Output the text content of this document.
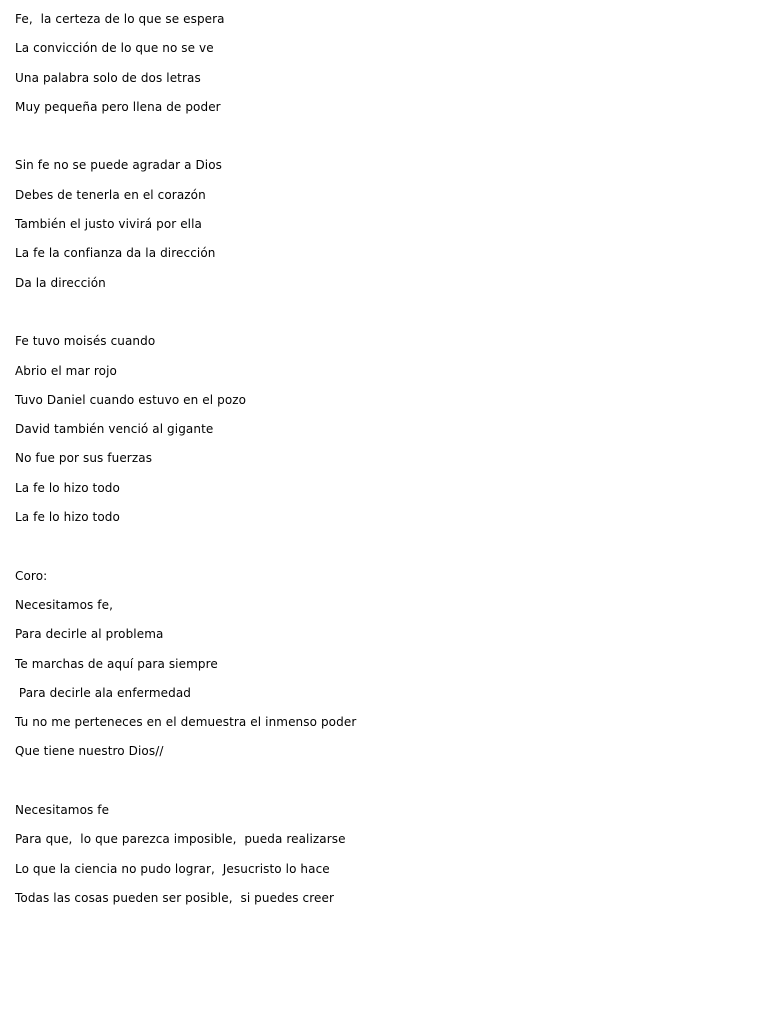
Fe,  la certeza de lo que se espera
La convicción de lo que no se ve
Una palabra solo de dos letras
Muy pequeña pero llena de poder
Sin fe no se puede agradar a Dios
Debes de tenerla en el corazón
También el justo vivirá por ella
La fe la confianza da la dirección
Da la dirección
Fe tuvo moisés cuando
Abrio el mar rojo
Tuvo Daniel cuando estuvo en el pozo
David también venció al gigante
No fue por sus fuerzas
La fe lo hizo todo
La fe lo hizo todo
Coro:
Necesitamos fe,
Para decirle al problema
Te marchas de aquí para siempre
Para decirle ala enfermedad
Tu no me perteneces en el demuestra el inmenso poder
Que tiene nuestro Dios//
Necesitamos fe
Para que,  lo que parezca imposible,  pueda realizarse
Lo que la ciencia no pudo lograr,  Jesucristo lo hace
Todas las cosas pueden ser posible,  si puedes creer
